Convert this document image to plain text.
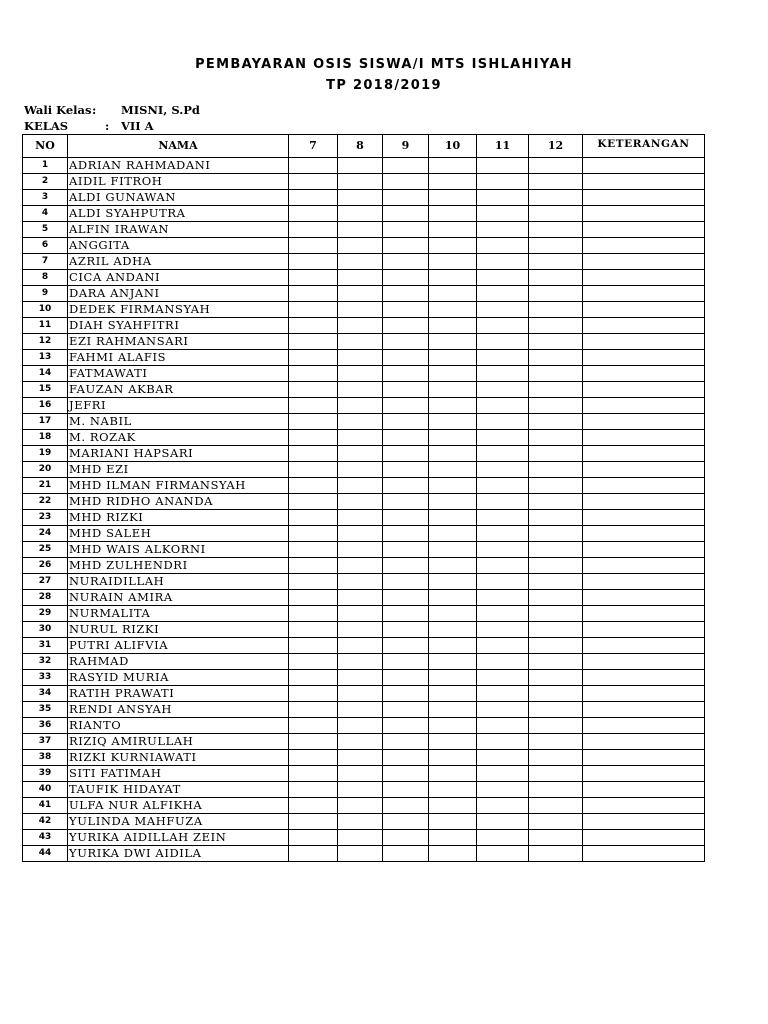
PEMBAYARAN OSIS SISWA/I MTS ISHLAHIYAH
TP 2018/2019
Wali Kelas : MISNI, S.Pd
KELAS	: VII A
NO	NAMA	7	8	9	10	11	12	KETERANGAN
1	ADRIAN RAHMADANI							
2	AIDIL FITROH							
3	ALDI GUNAWAN							
4	ALDI SYAHPUTRA							
5	ALFIN IRAWAN							
6	ANGGITA							
7	AZRIL ADHA							
8	CICA ANDANI							
9	DARA ANJANI							
10	DEDEK FIRMANSYAH							
11	DIAH SYAHFITRI							
12	EZI RAHMANSARI							
13	FAHMI ALAFIS							
14	FATMAWATI							
15	FAUZAN AKBAR							
16	JEFRI							
17	M. NABIL							
18	M. ROZAK							
19	MARIANI HAPSARI							
20	MHD EZI							
21	MHD ILMAN FIRMANSYAH							
22	MHD RIDHO ANANDA							
23	MHD RIZKI							
24	MHD SALEH							
25	MHD WAIS ALKORNI							
26	MHD ZULHENDRI							
27	NURAIDILLAH							
28	NURAIN AMIRA							
29	NURMALITA							
30	NURUL RIZKI							
31	PUTRI ALIFVIA							
32	RAHMAD							
33	RASYID MURIA							
34	RATIH PRAWATI							
35	RENDI ANSYAH							
36	RIANTO							
37	RIZIQ AMIRULLAH							
38	RIZKI KURNIAWATI							
39	SITI FATIMAH							
40	TAUFIK HIDAYAT							
41	ULFA NUR ALFIKHA							
42	YULINDA MAHFUZA							
43	YURIKA AIDILLAH ZEIN							
44	YURIKA DWI AIDILA							
